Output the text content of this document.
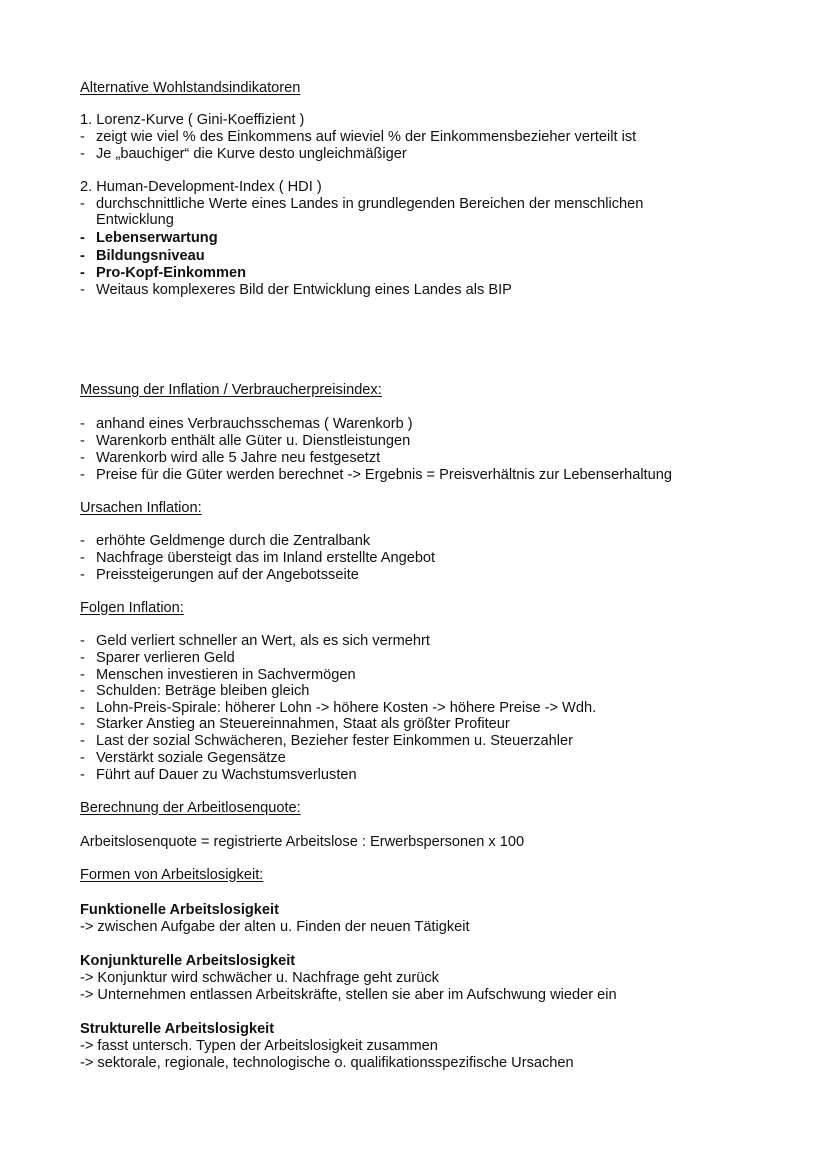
Alternative Wohlstandsindikatoren
1. Lorenz-Kurve ( Gini-Koeffizient )
- zeigt wie viel % des Einkommens auf wieviel % der Einkommensbezieher verteilt ist
- Je „bauchiger“ die Kurve desto ungleichmäßiger
2. Human-Development-Index ( HDI )
- durchschnittliche Werte eines Landes in grundlegenden Bereichen der menschlichen
Entwicklung
- Lebenserwartung
- Bildungsniveau
- Pro-Kopf-Einkommen
- Weitaus komplexeres Bild der Entwicklung eines Landes als BIP
Messung der Inflation / Verbraucherpreisindex:
- anhand eines Verbrauchsschemas ( Warenkorb )
- Warenkorb enthält alle Güter u. Dienstleistungen
- Warenkorb wird alle 5 Jahre neu festgesetzt
- Preise für die Güter werden berechnet -> Ergebnis = Preisverhältnis zur Lebenserhaltung
Ursachen Inflation:
- erhöhte Geldmenge durch die Zentralbank
- Nachfrage übersteigt das im Inland erstellte Angebot
- Preissteigerungen auf der Angebotsseite
Folgen Inflation:
- Geld verliert schneller an Wert, als es sich vermehrt
- Sparer verlieren Geld
- Menschen investieren in Sachvermögen
- Schulden: Beträge bleiben gleich
- Lohn-Preis-Spirale: höherer Lohn -> höhere Kosten -> höhere Preise -> Wdh.
- Starker Anstieg an Steuereinnahmen, Staat als größter Profiteur
- Last der sozial Schwächeren, Bezieher fester Einkommen u. Steuerzahler
- Verstärkt soziale Gegensätze
- Führt auf Dauer zu Wachstumsverlusten
Berechnung der Arbeitlosenquote:
Arbeitslosenquote = registrierte Arbeitslose : Erwerbspersonen x 100
Formen von Arbeitslosigkeit:
Funktionelle Arbeitslosigkeit
-> zwischen Aufgabe der alten u. Finden der neuen Tätigkeit
Konjunkturelle Arbeitslosigkeit
-> Konjunktur wird schwächer u. Nachfrage geht zurück
-> Unternehmen entlassen Arbeitskräfte, stellen sie aber im Aufschwung wieder ein
Strukturelle Arbeitslosigkeit
-> fasst untersch. Typen der Arbeitslosigkeit zusammen
-> sektorale, regionale, technologische o. qualifikationsspezifische Ursachen
